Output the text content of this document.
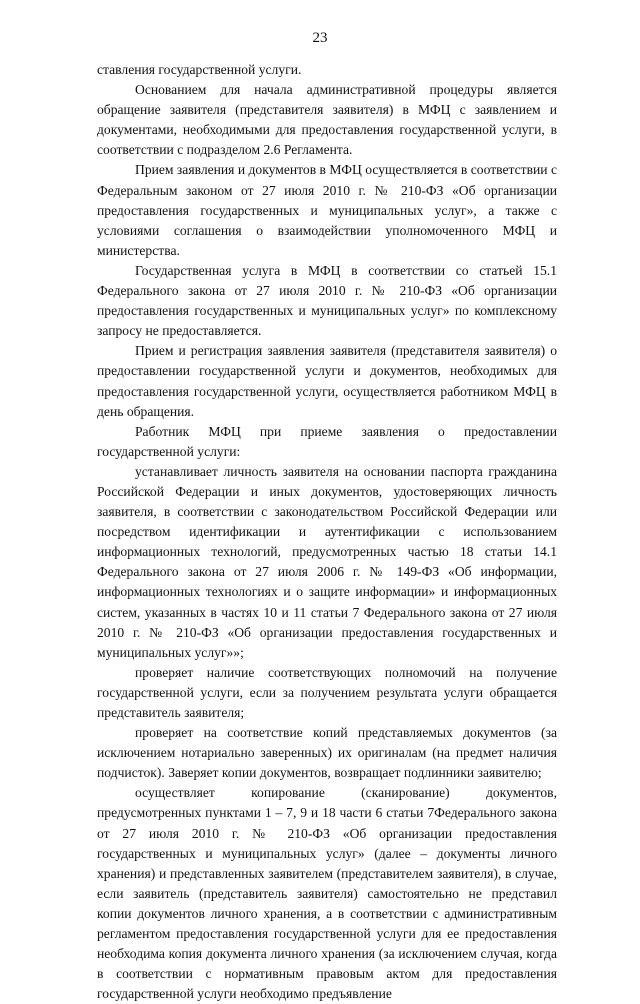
23

ставления государственной услуги.

Основанием для начала административной процедуры является обращение заявителя (представителя заявителя) в МФЦ с заявлением и документами, необходимыми для предоставления государственной услуги, в соответствии с подразделом 2.6 Регламента.

Прием заявления и документов в МФЦ осуществляется в соответствии с Федеральным законом от 27 июля 2010 г. № 210-ФЗ «Об организации предоставления государственных и муниципальных услуг», а также с условиями соглашения о взаимодействии уполномоченного МФЦ и министерства.

Государственная услуга в МФЦ в соответствии со статьей 15.1 Федерального закона от 27 июля 2010 г. № 210-ФЗ «Об организации предоставления государственных и муниципальных услуг» по комплексному запросу не предоставляется.

Прием и регистрация заявления заявителя (представителя заявителя) о предоставлении государственной услуги и документов, необходимых для предоставления государственной услуги, осуществляется работником МФЦ в день обращения.

Работник МФЦ при приеме заявления о предоставлении государственной услуги:

устанавливает личность заявителя на основании паспорта гражданина Российской Федерации и иных документов, удостоверяющих личность заявителя, в соответствии с законодательством Российской Федерации или посредством идентификации и аутентификации с использованием информационных технологий, предусмотренных частью 18 статьи 14.1 Федерального закона от 27 июля 2006 г. № 149-ФЗ «Об информации, информационных технологиях и о защите информации» и информационных систем, указанных в частях 10 и 11 статьи 7 Федерального закона от 27 июля 2010 г. № 210-ФЗ «Об организации предоставления государственных и муниципальных услуг»»;

проверяет наличие соответствующих полномочий на получение государственной услуги, если за получением результата услуги обращается представитель заявителя;

проверяет на соответствие копий представляемых документов (за исключением нотариально заверенных) их оригиналам (на предмет наличия подчисток). Заверяет копии документов, возвращает подлинники заявителю;

осуществляет копирование (сканирование) документов, предусмотренных пунктами 1 – 7, 9 и 18 части 6 статьи 7Федерального закона от 27 июля 2010 г. № 210-ФЗ «Об организации предоставления государственных и муниципальных услуг» (далее – документы личного хранения) и представленных заявителем (представителем заявителя), в случае, если заявитель (представитель заявителя) самостоятельно не представил копии документов личного хранения, а в соответствии с административным регламентом предоставления государственной услуги для ее предоставления необходима копия документа личного хранения (за исключением случая, когда в соответствии с нормативным правовым актом для предоставления государственной услуги необходимо предъявление
